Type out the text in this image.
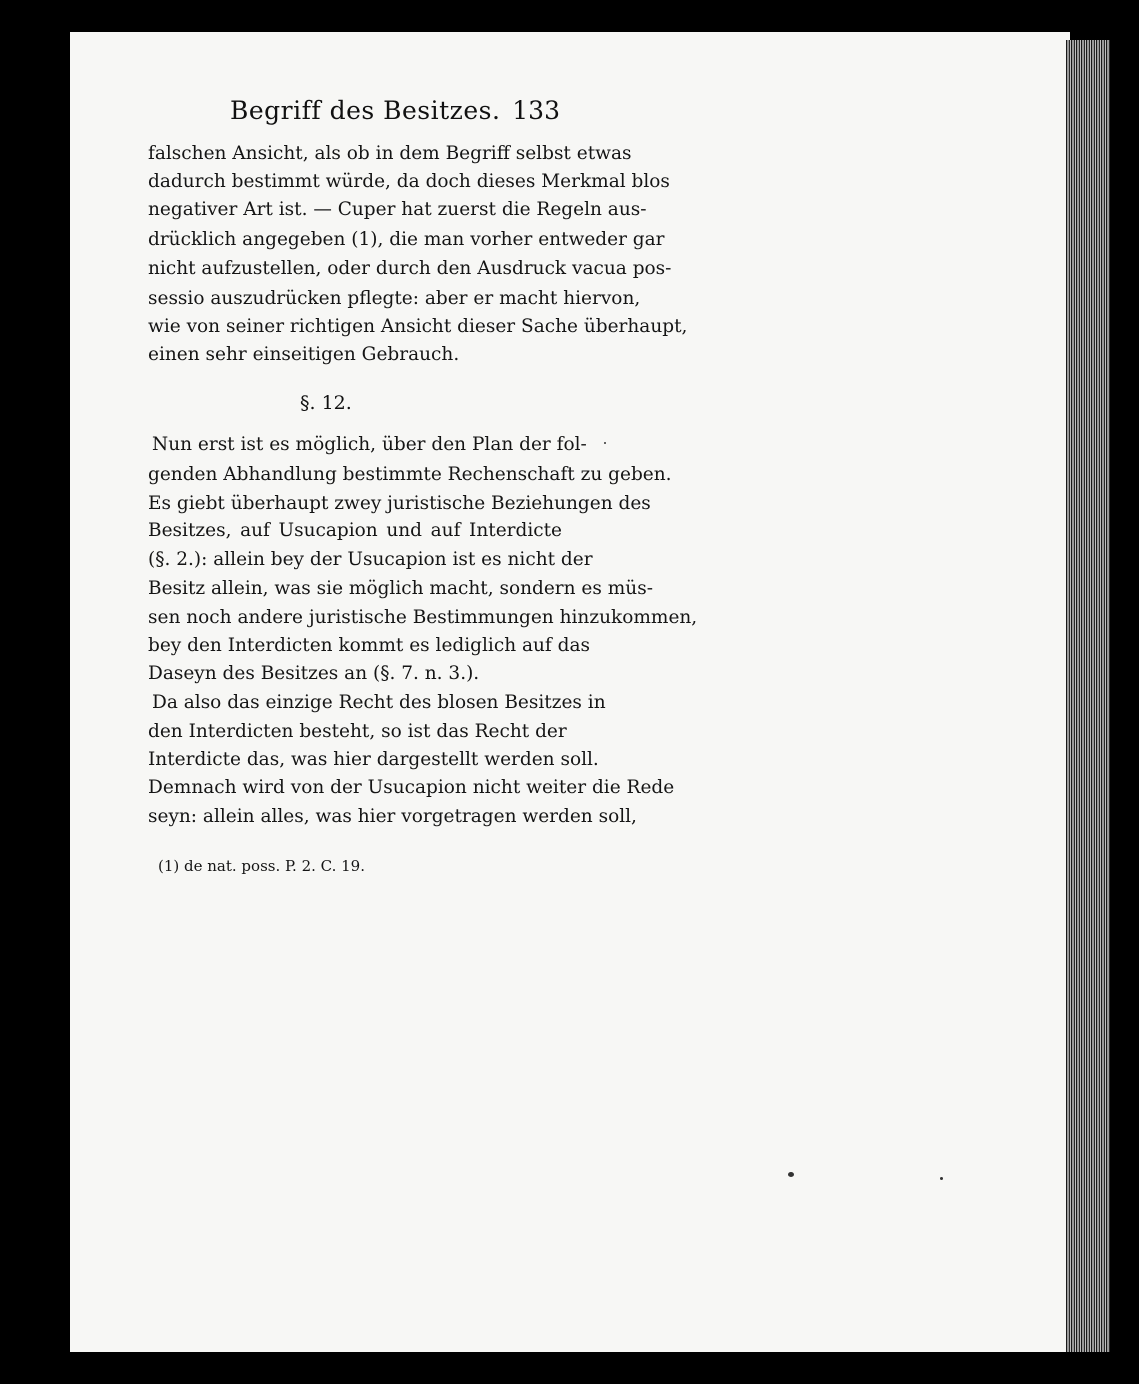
Begriff des Besitzes. 133
falschen Ansicht, als ob in dem Begriff selbst etwas
dadurch bestimmt würde, da doch dieses Merkmal blos
negativer Art ist. — Cuper hat zuerst die Regeln aus-
drücklich angegeben (1), die man vorher entweder gar
nicht aufzustellen, oder durch den Ausdruck vacua pos-
sessio auszudrücken pflegte: aber er macht hiervon,
wie von seiner richtigen Ansicht dieser Sache überhaupt,
einen sehr einseitigen Gebrauch.
§. 12.
Nun erst ist es möglich, über den Plan der fol-
genden Abhandlung bestimmte Rechenschaft zu geben.
Es giebt überhaupt zwey juristische Beziehungen des
Besitzes, auf Usucapion und auf Interdicte
(§. 2.): allein bey der Usucapion ist es nicht der
Besitz allein, was sie möglich macht, sondern es müs-
sen noch andere juristische Bestimmungen hinzukommen,
bey den Interdicten kommt es lediglich auf das
Daseyn des Besitzes an (§. 7. n. 3.).
Da also das einzige Recht des blosen Besitzes in
den Interdicten besteht, so ist das Recht der
Interdicte das, was hier dargestellt werden soll.
Demnach wird von der Usucapion nicht weiter die Rede
seyn: allein alles, was hier vorgetragen werden soll,
(1) de nat. poss. P. 2. C. 19.
